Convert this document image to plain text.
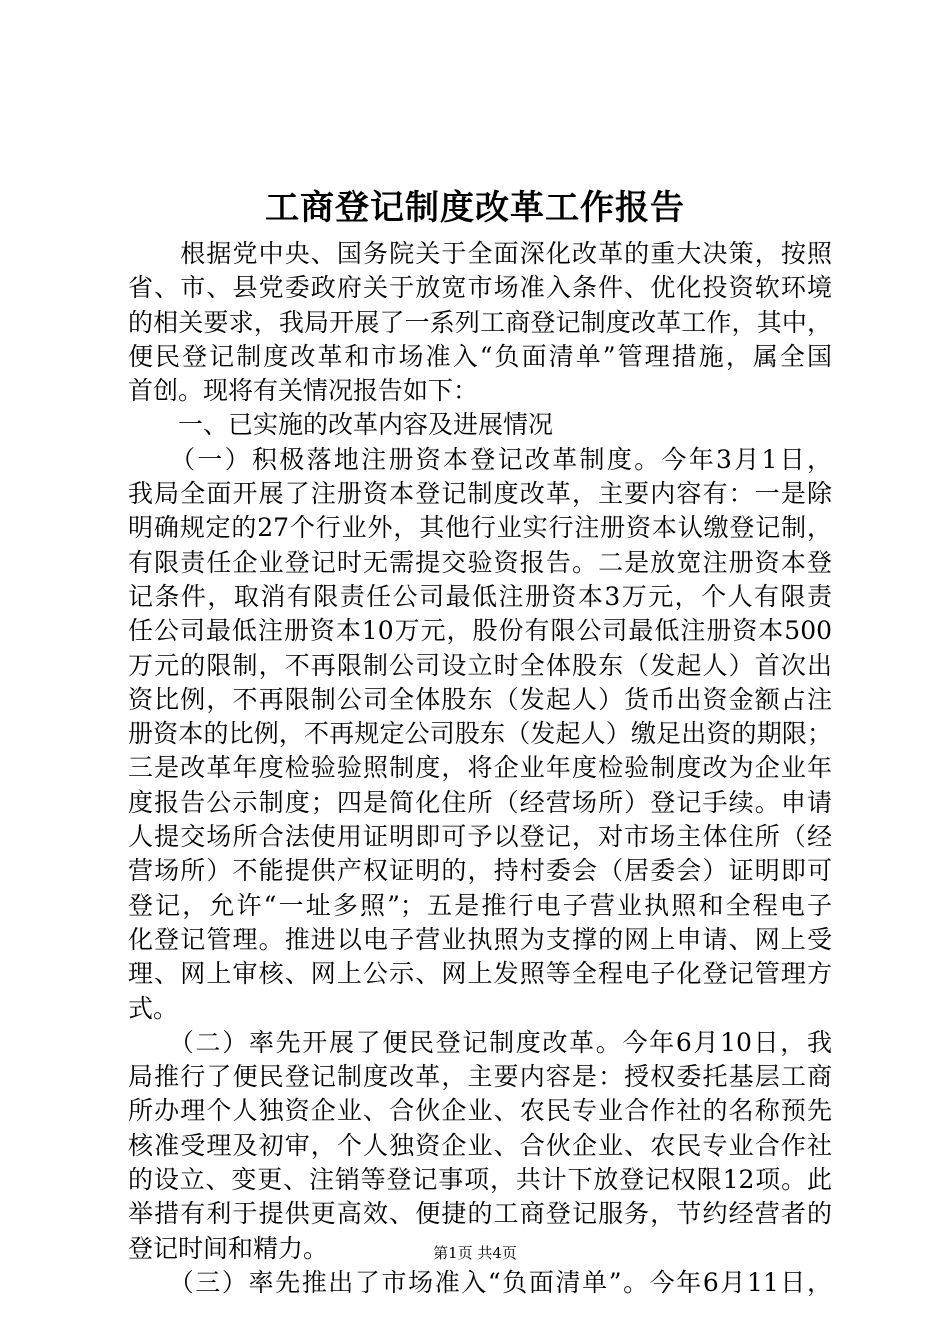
工商登记制度改革工作报告
　　根据党中央、国务院关于全面深化改革的重大决策，按照
省、市、县党委政府关于放宽市场准入条件、优化投资软环境
的相关要求，我局开展了一系列工商登记制度改革工作，其中，
便民登记制度改革和市场准入“负面清单”管理措施，属全国
首创。现将有关情况报告如下：
　　一、已实施的改革内容及进展情况
　　（一）积极落地注册资本登记改革制度。今年3月1日，
我局全面开展了注册资本登记制度改革，主要内容有：一是除
明确规定的27个行业外，其他行业实行注册资本认缴登记制，
有限责任企业登记时无需提交验资报告。二是放宽注册资本登
记条件，取消有限责任公司最低注册资本3万元，个人有限责
任公司最低注册资本10万元，股份有限公司最低注册资本500
万元的限制，不再限制公司设立时全体股东（发起人）首次出
资比例，不再限制公司全体股东（发起人）货币出资金额占注
册资本的比例，不再规定公司股东（发起人）缴足出资的期限；
三是改革年度检验验照制度，将企业年度检验制度改为企业年
度报告公示制度；四是简化住所（经营场所）登记手续。申请
人提交场所合法使用证明即可予以登记，对市场主体住所（经
营场所）不能提供产权证明的，持村委会（居委会）证明即可
登记，允许“一址多照”；五是推行电子营业执照和全程电子
化登记管理。推进以电子营业执照为支撑的网上申请、网上受
理、网上审核、网上公示、网上发照等全程电子化登记管理方
式。
　　（二）率先开展了便民登记制度改革。今年6月10日，我
局推行了便民登记制度改革，主要内容是：授权委托基层工商
所办理个人独资企业、合伙企业、农民专业合作社的名称预先
核准受理及初审，个人独资企业、合伙企业、农民专业合作社
的设立、变更、注销等登记事项，共计下放登记权限12项。此
举措有利于提供更高效、便捷的工商登记服务，节约经营者的
登记时间和精力。
　　（三）率先推出了市场准入“负面清单”。今年6月11日，
第1页 共4页
